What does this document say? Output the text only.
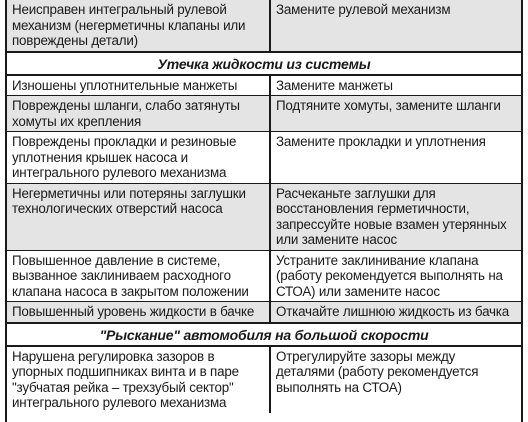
Неисправен интегральный рулевой механизм (негерметичны клапаны или повреждены детали)	Замените рулевой механизм
Утечка жидкости из системы	
Изношены уплотнительные манжеты	Замените манжеты
Повреждены шланги, слабо затянуты хомуты их крепления	Подтяните хомуты, замените шланги
Повреждены прокладки и резиновые уплотнения крышек насоса и интегрального рулевого механизма	Замените прокладки и уплотнения
Негерметичны или потеряны заглушки технологических отверстий насоса	Расчеканьте заглушки для восстановления герметичности, запрессуйте новые взамен утерянных или замените насос
Повышенное давление в системе, вызванное заклиниваем расходного клапана насоса в закрытом положении	Устраните заклинивание клапана (работу рекомендуется выполнять на СТОА) или замените насос
Повышенный уровень жидкости в бачке	Откачайте лишнюю жидкость из бачка
"Рыскание" автомобиля на большой скорости	
Нарушена регулировка зазоров в упорных подшипниках винта и в паре "зубчатая рейка – трехзубый сектор" интегрального рулевого механизма	Отрегулируйте зазоры между деталями (работу рекомендуется выполнять на СТОА)
